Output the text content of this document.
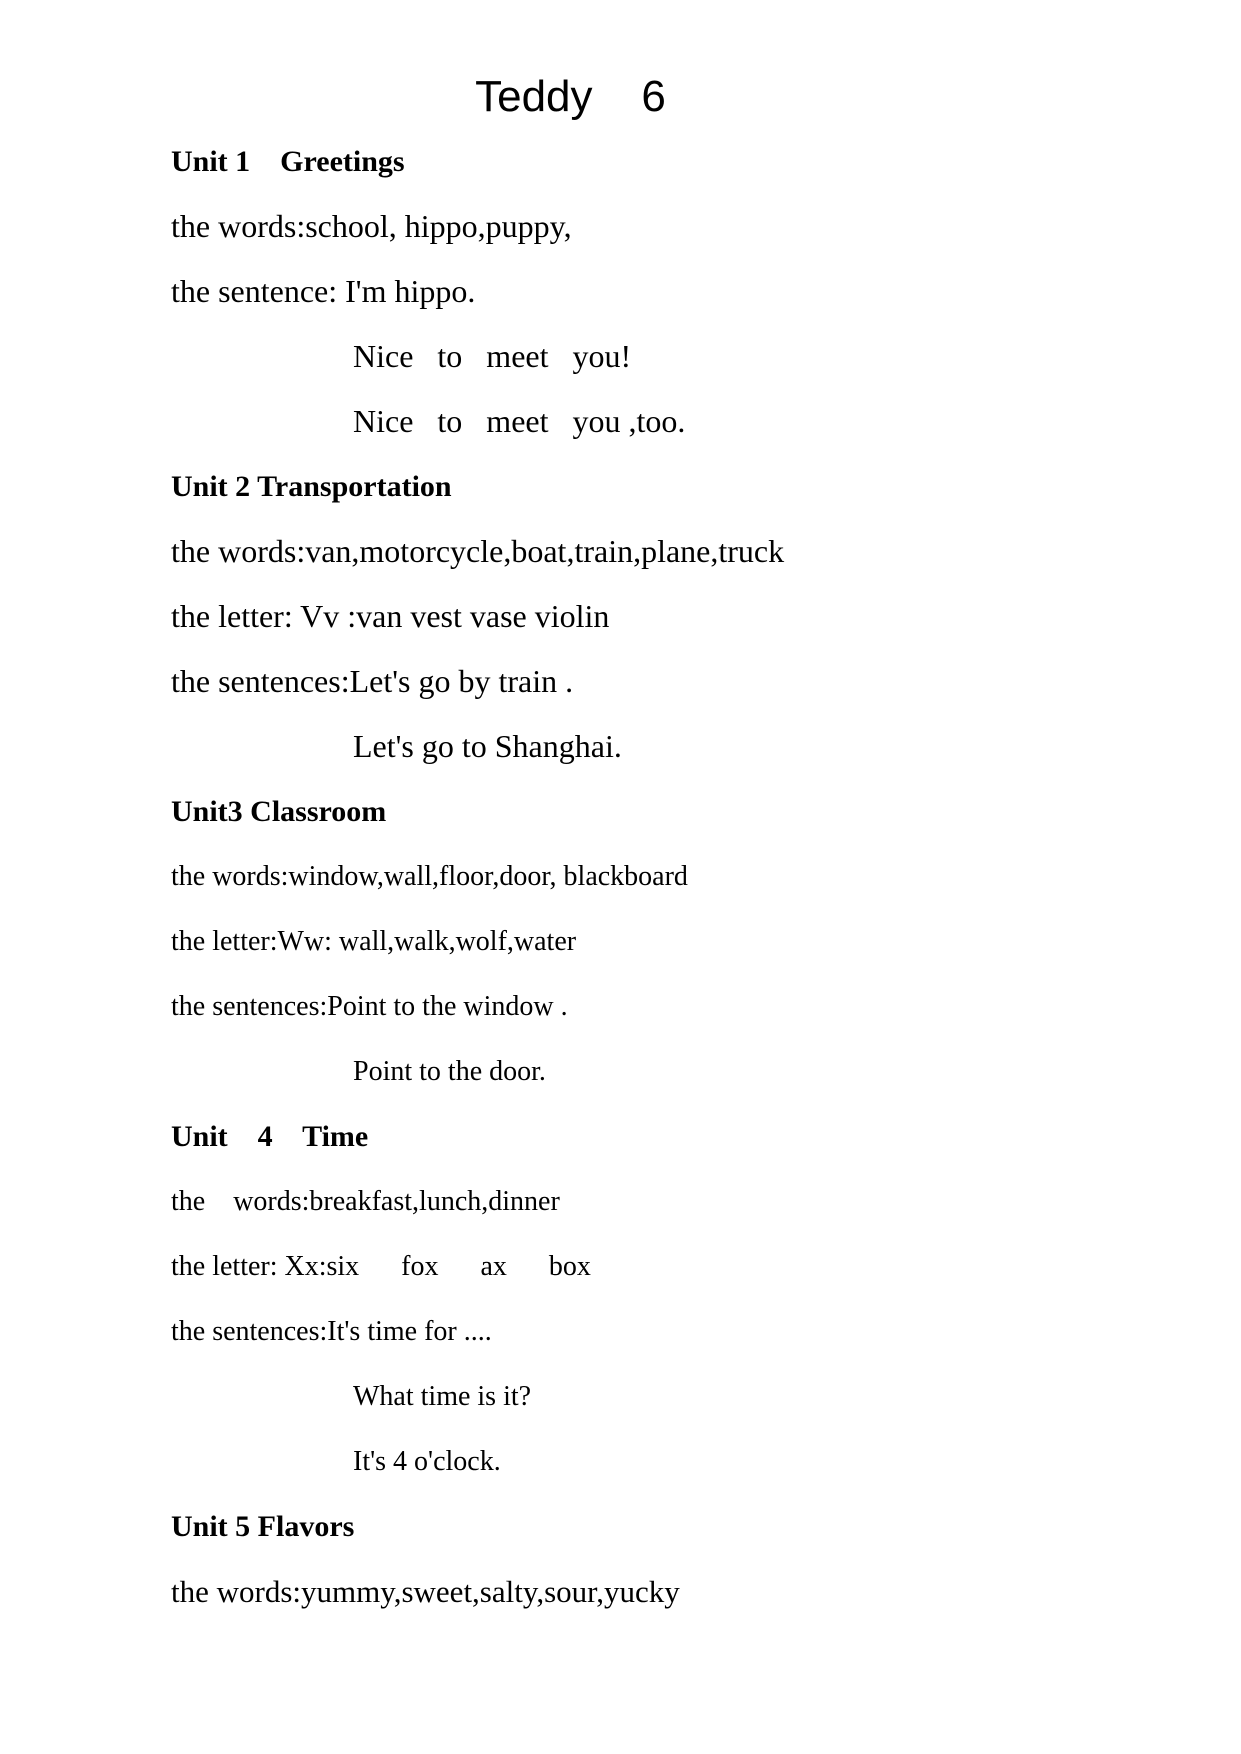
Teddy    6
Unit 1    Greetings
the words:school, hippo,puppy,
the sentence: I'm hippo.
Nice   to   meet   you!
Nice   to   meet   you ,too.
Unit 2 Transportation
the words:van,motorcycle,boat,train,plane,truck
the letter: Vv :van vest vase violin
the sentences:Let's go by train .
Let's go to Shanghai.
Unit3 Classroom
the words:window,wall,floor,door, blackboard
the letter:Ww: wall,walk,wolf,water
the sentences:Point to the window .
Point to the door.
Unit    4    Time
the    words:breakfast,lunch,dinner
the letter: Xx:six      fox      ax      box
the sentences:It's time for ....
What time is it?
It's 4 o'clock.
Unit 5 Flavors
the words:yummy,sweet,salty,sour,yucky
